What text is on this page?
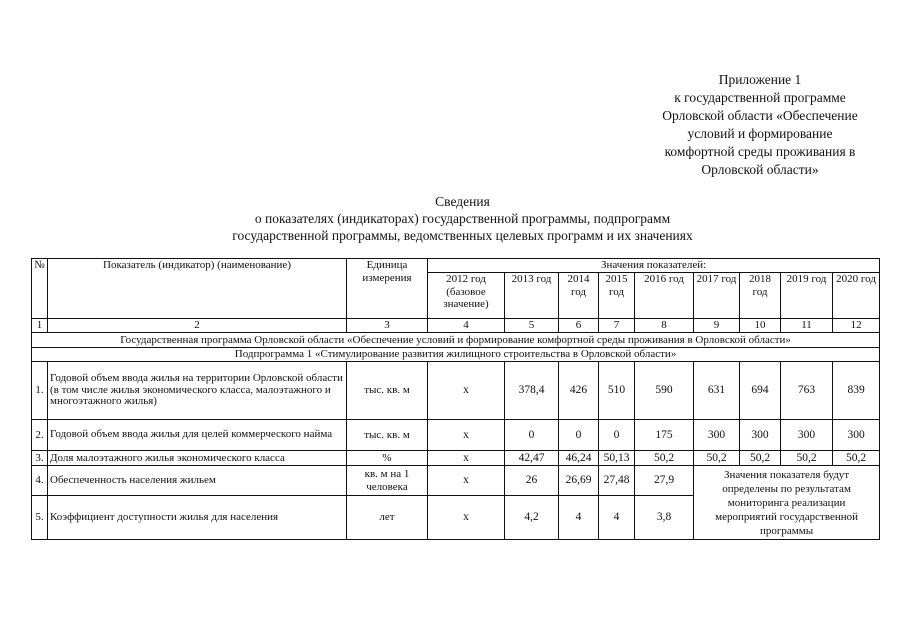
Приложение 1
к государственной программе
Орловской области «Обеспечение
условий и формирование
комфортной среды проживания в
Орловской области»
Сведения
о показателях (индикаторах) государственной программы, подпрограмм
государственной программы, ведомственных целевых программ и их значениях
№	Показатель (индикатор) (наименование)	Единица измерения	Значения показателей:								
			2012 год (базовое значение)	2013 год	2014 год	2015 год	2016 год	2017 год	2018 год	2019 год	2020 год
1	2	3	4	5	6	7	8	9	10	11	12
Государственная программа Орловской области «Обеспечение условий и формирование комфортной среды проживания в Орловской области»											
Подпрограмма 1 «Стимулирование развития жилищного строительства в Орловской области»											
1.	Годовой объем ввода жилья на территории Орловской области (в том числе жилья экономического класса, малоэтажного и многоэтажного жилья)	тыс. кв. м	х	378,4	426	510	590	631	694	763	839
2.	Годовой объем ввода жилья для целей коммерческого найма	тыс. кв. м	х	0	0	0	175	300	300	300	300
3.	Доля малоэтажного жилья экономического класса	%	х	42,47	46,24	50,13	50,2	50,2	50,2	50,2	50,2
4.	Обеспеченность населения жильем	кв. м на 1 человека	х	26	26,69	27,48	27,9	Значения показателя будут определены по результатам мониторинга реализации мероприятий государственной программы			
5.	Коэффициент доступности жилья для населения	лет	х	4,2	4	4	3,8				
